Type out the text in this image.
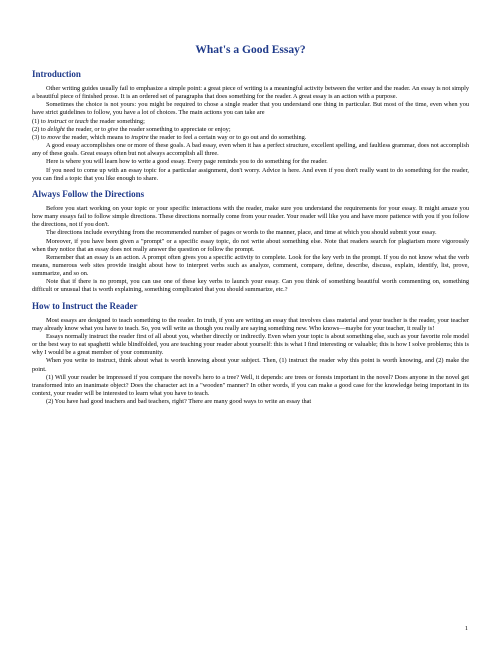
What's a Good Essay?
Introduction

Other writing guides usually fail to emphasize a simple point: a great piece of writing is a meaningful activity between the writer and the reader. An essay is not simply a beautiful piece of finished prose. It is an ordered set of paragraphs that does something for the reader. A great essay is an action with a purpose.

Sometimes the choice is not yours: you might be required to chose a single reader that you understand one thing in particular. But most of the time, even when you have strict guidelines to follow, you have a lot of choices. The main actions you can take are

(1) to instruct or teach the reader something;
(2) to delight the reader, or to give the reader something to appreciate or enjoy;
(3) to move the reader, which means to inspire the reader to feel a certain way or to go out and do something.

A good essay accomplishes one or more of these goals. A bad essay, even when it has a perfect structure, excellent spelling, and faultless grammar, does not accomplish any of these goals. Great essays often but not always accomplish all three.

Here is where you will learn how to write a good essay. Every page reminds you to do something for the reader.

If you need to come up with an essay topic for a particular assignment, don't worry. Advice is here. And even if you don't really want to do something for the reader, you can find a topic that you like enough to share.

Always Follow the Directions

Before you start working on your topic or your specific interactions with the reader, make sure you understand the requirements for your essay. It might amaze you how many essays fail to follow simple directions. These directions normally come from your reader. Your reader will like you and have more patience with you if you follow the directions, not if you don't.

The directions include everything from the recommended number of pages or words to the manner, place, and time at which you should submit your essay.

Moreover, if you have been given a "prompt" or a specific essay topic, do not write about something else. Note that readers search for plagiarism more vigorously when they notice that an essay does not really answer the question or follow the prompt.

Remember that an essay is an action. A prompt often gives you a specific activity to complete. Look for the key verb in the prompt. If you do not know what the verb means, numerous web sites provide insight about how to interpret verbs such as analyze, comment, compare, define, describe, discuss, explain, identify, list, prove, summarize, and so on.

Note that if there is no prompt, you can use one of these key verbs to launch your essay. Can you think of something beautiful worth commenting on, something difficult or unusual that is worth explaining, something complicated that you should summarize, etc.?

How to Instruct the Reader

Most essays are designed to teach something to the reader. In truth, if you are writing an essay that involves class material and your teacher is the reader, your teacher may already know what you have to teach. So, you will write as though you really are saying something new. Who knows—maybe for your teacher, it really is!

Essays normally instruct the reader first of all about you, whether directly or indirectly. Even when your topic is about something else, such as your favorite role model or the best way to eat spaghetti while blindfolded, you are teaching your reader about yourself: this is what I find interesting or valuable; this is how I solve problems; this is why I would be a great member of your community.

When you write to instruct, think about what is worth knowing about your subject. Then, (1) instruct the reader why this point is worth knowing, and (2) make the point.

(1) Will your reader be impressed if you compare the novel's hero to a tree? Well, it depends: are trees or forests important in the novel? Does anyone in the novel get transformed into an inanimate object? Does the character act in a "wooden" manner? In other words, if you can make a good case for the knowledge being important in its context, your reader will be interested to learn what you have to teach.

(2) You have had good teachers and bad teachers, right? There are many good ways to write an essay that

1
